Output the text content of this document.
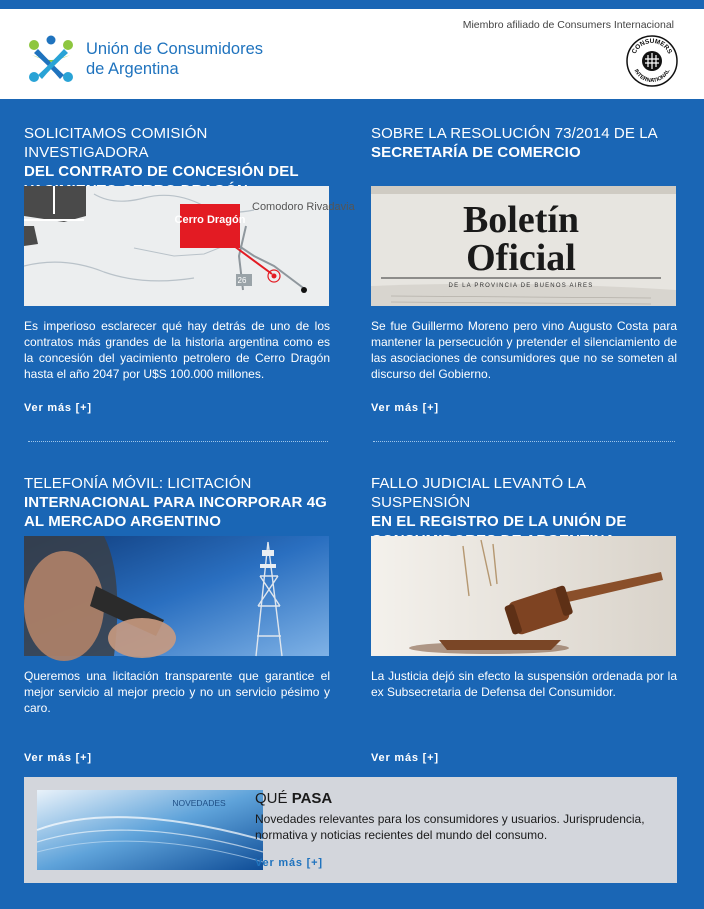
Miembro afiliado de Consumers Internacional
Unión de Consumidores
de Argentina
CONSUMERS
INTERNATIONAL
SOLICITAMOS COMISIÓN INVESTIGADORA
DEL CONTRATO DE CONCESIÓN DEL
26
Cerro Dragón
Comodoro Rivadavia
Es imperioso esclarecer qué hay detrás de uno de los contratos más grandes de la historia argentina como es la concesión del yacimiento petrolero de Cerro Dragón hasta el año 2047 por U$S 100.000 millones.
Ver más [+]
SOBRE LA RESOLUCIÓN 73/2014 DE LA
SECRETARÍA DE COMERCIO
Boletín
Oficial
DE LA PROVINCIA DE BUENOS AIRES
Se fue Guillermo Moreno pero vino Augusto Costa para mantener la persecución y pretender el silenciamiento de las asociaciones de consumidores que no se someten al discurso del Gobierno.
Ver más [+]
TELEFONÍA MÓVIL: LICITACIÓN
INTERNACIONAL PARA INCORPORAR 4G AL MERCADO ARGENTINO
Queremos una licitación transparente que garantice el mejor servicio al mejor precio y no un servicio pésimo y caro.
Ver más [+]
FALLO JUDICIAL LEVANTÓ LA SUSPENSIÓN
EN EL REGISTRO DE LA UNIÓN DE
La Justicia dejó sin efecto la suspensión ordenada por la ex Subsecretaria de Defensa del Consumidor.
Ver más [+]
NOVEDADES QUÉ PASA
Novedades relevantes para los consumidores y usuarios. Jurisprudencia, normativa y noticias recientes del mundo del consumo.
Ver más [+]
